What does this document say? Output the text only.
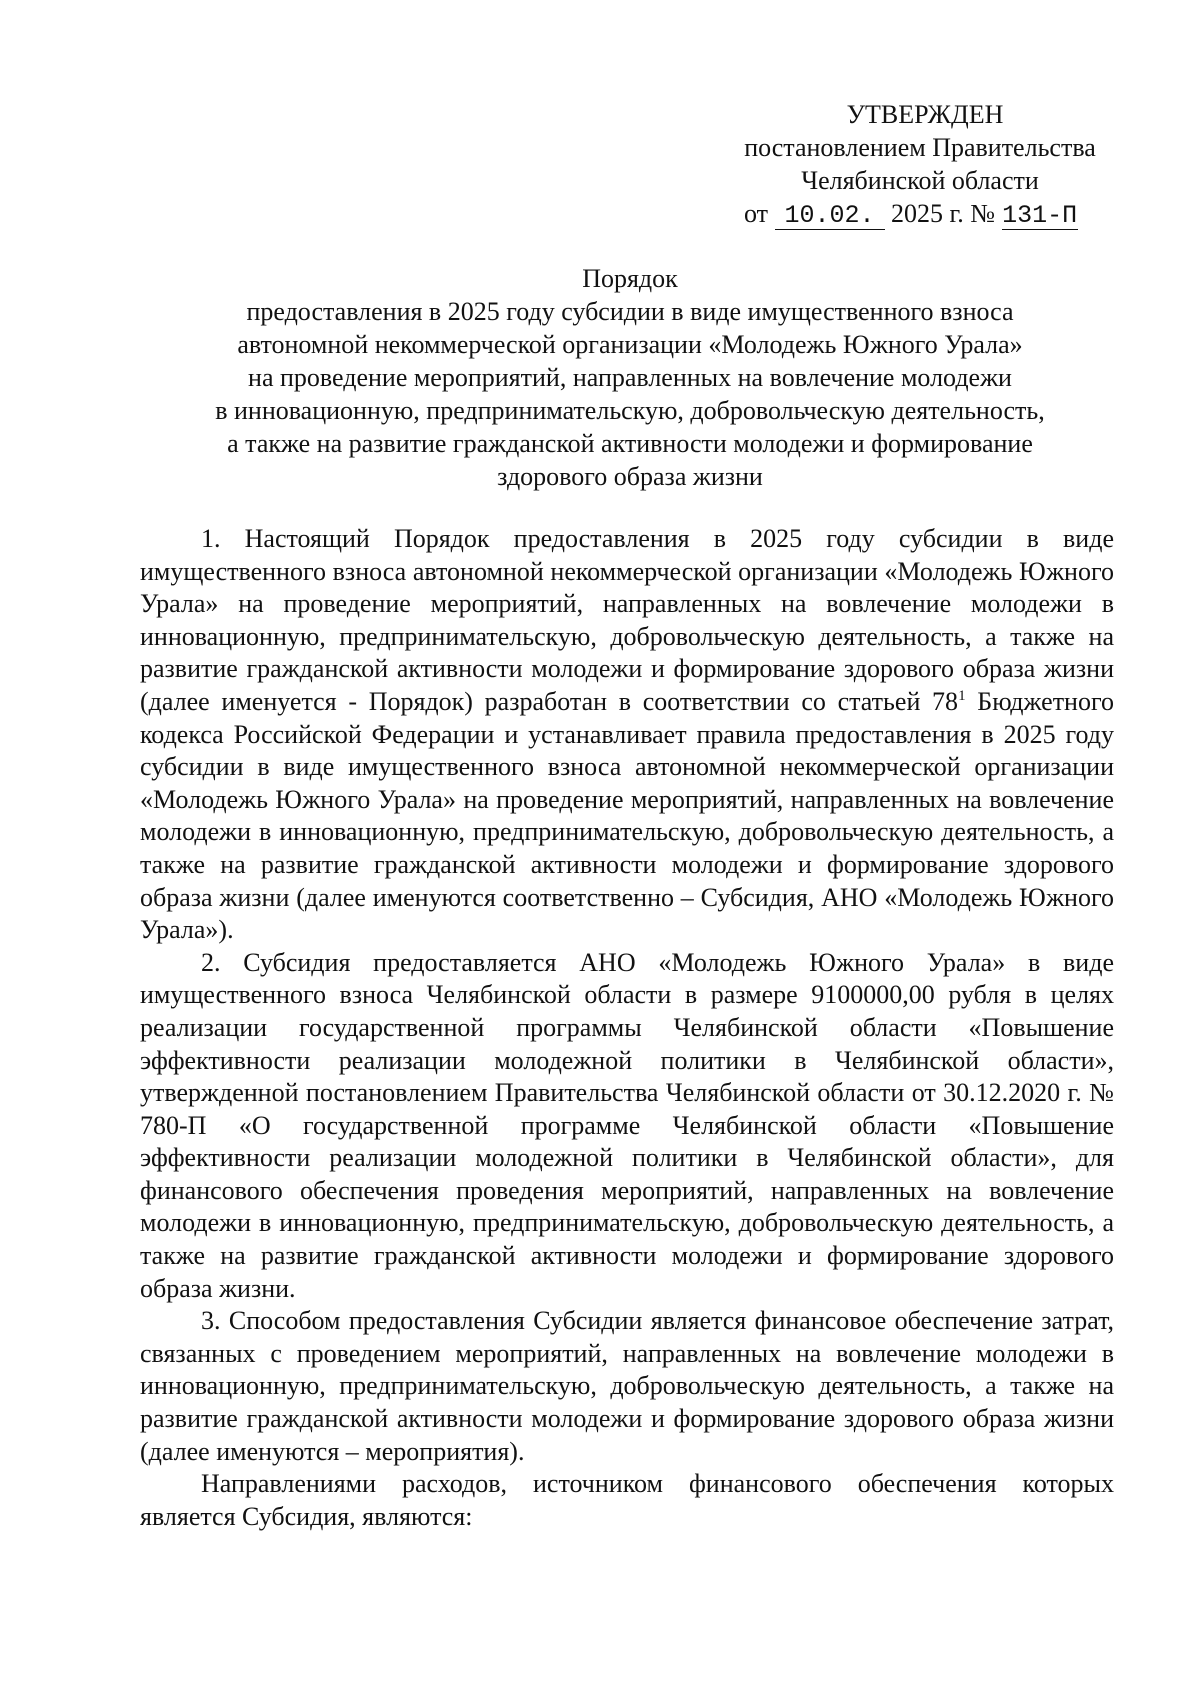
УТВЕРЖДЕН
постановлением Правительства
Челябинской области
от 10.02. 2025 г. № 131-П
Порядок
предоставления в 2025 году субсидии в виде имущественного взноса
автономной некоммерческой организации «Молодежь Южного Урала»
на проведение мероприятий, направленных на вовлечение молодежи
в инновационную, предпринимательскую, добровольческую деятельность,
а также на развитие гражданской активности молодежи и формирование
здорового образа жизни

1. Настоящий Порядок предоставления в 2025 году субсидии в виде имущественного взноса автономной некоммерческой организации «Молодежь Южного Урала» на проведение мероприятий, направленных на вовлечение молодежи в инновационную, предпринимательскую, добровольческую деятельность, а также на развитие гражданской активности молодежи и формирование здорового образа жизни (далее именуется - Порядок) разработан в соответствии со статьей $78^1$ Бюджетного кодекса Российской Федерации и устанавливает правила предоставления в 2025 году субсидии в виде имущественного взноса автономной некоммерческой организации «Молодежь Южного Урала» на проведение мероприятий, направленных на вовлечение молодежи в инновационную, предпринимательскую, добровольческую деятельность, а также на развитие гражданской активности молодежи и формирование здорового образа жизни (далее именуются соответственно – Субсидия, АНО «Молодежь Южного Урала»).

2. Субсидия предоставляется АНО «Молодежь Южного Урала» в виде имущественного взноса Челябинской области в размере 9100000,00 рубля в целях реализации государственной программы Челябинской области «Повышение эффективности реализации молодежной политики в Челябинской области», утвержденной постановлением Правительства Челябинской области от 30.12.2020 г. № 780-П «О государственной программе Челябинской области «Повышение эффективности реализации молодежной политики в Челябинской области», для финансового обеспечения проведения мероприятий, направленных на вовлечение молодежи в инновационную, предпринимательскую, добровольческую деятельность, а также на развитие гражданской активности молодежи и формирование здорового образа жизни.

3. Способом предоставления Субсидии является финансовое обеспечение затрат, связанных с проведением мероприятий, направленных на вовлечение молодежи в инновационную, предпринимательскую, добровольческую деятельность, а также на развитие гражданской активности молодежи и формирование здорового образа жизни (далее именуются – мероприятия).

Направлениями расходов, источником финансового обеспечения которых является Субсидия, являются:
